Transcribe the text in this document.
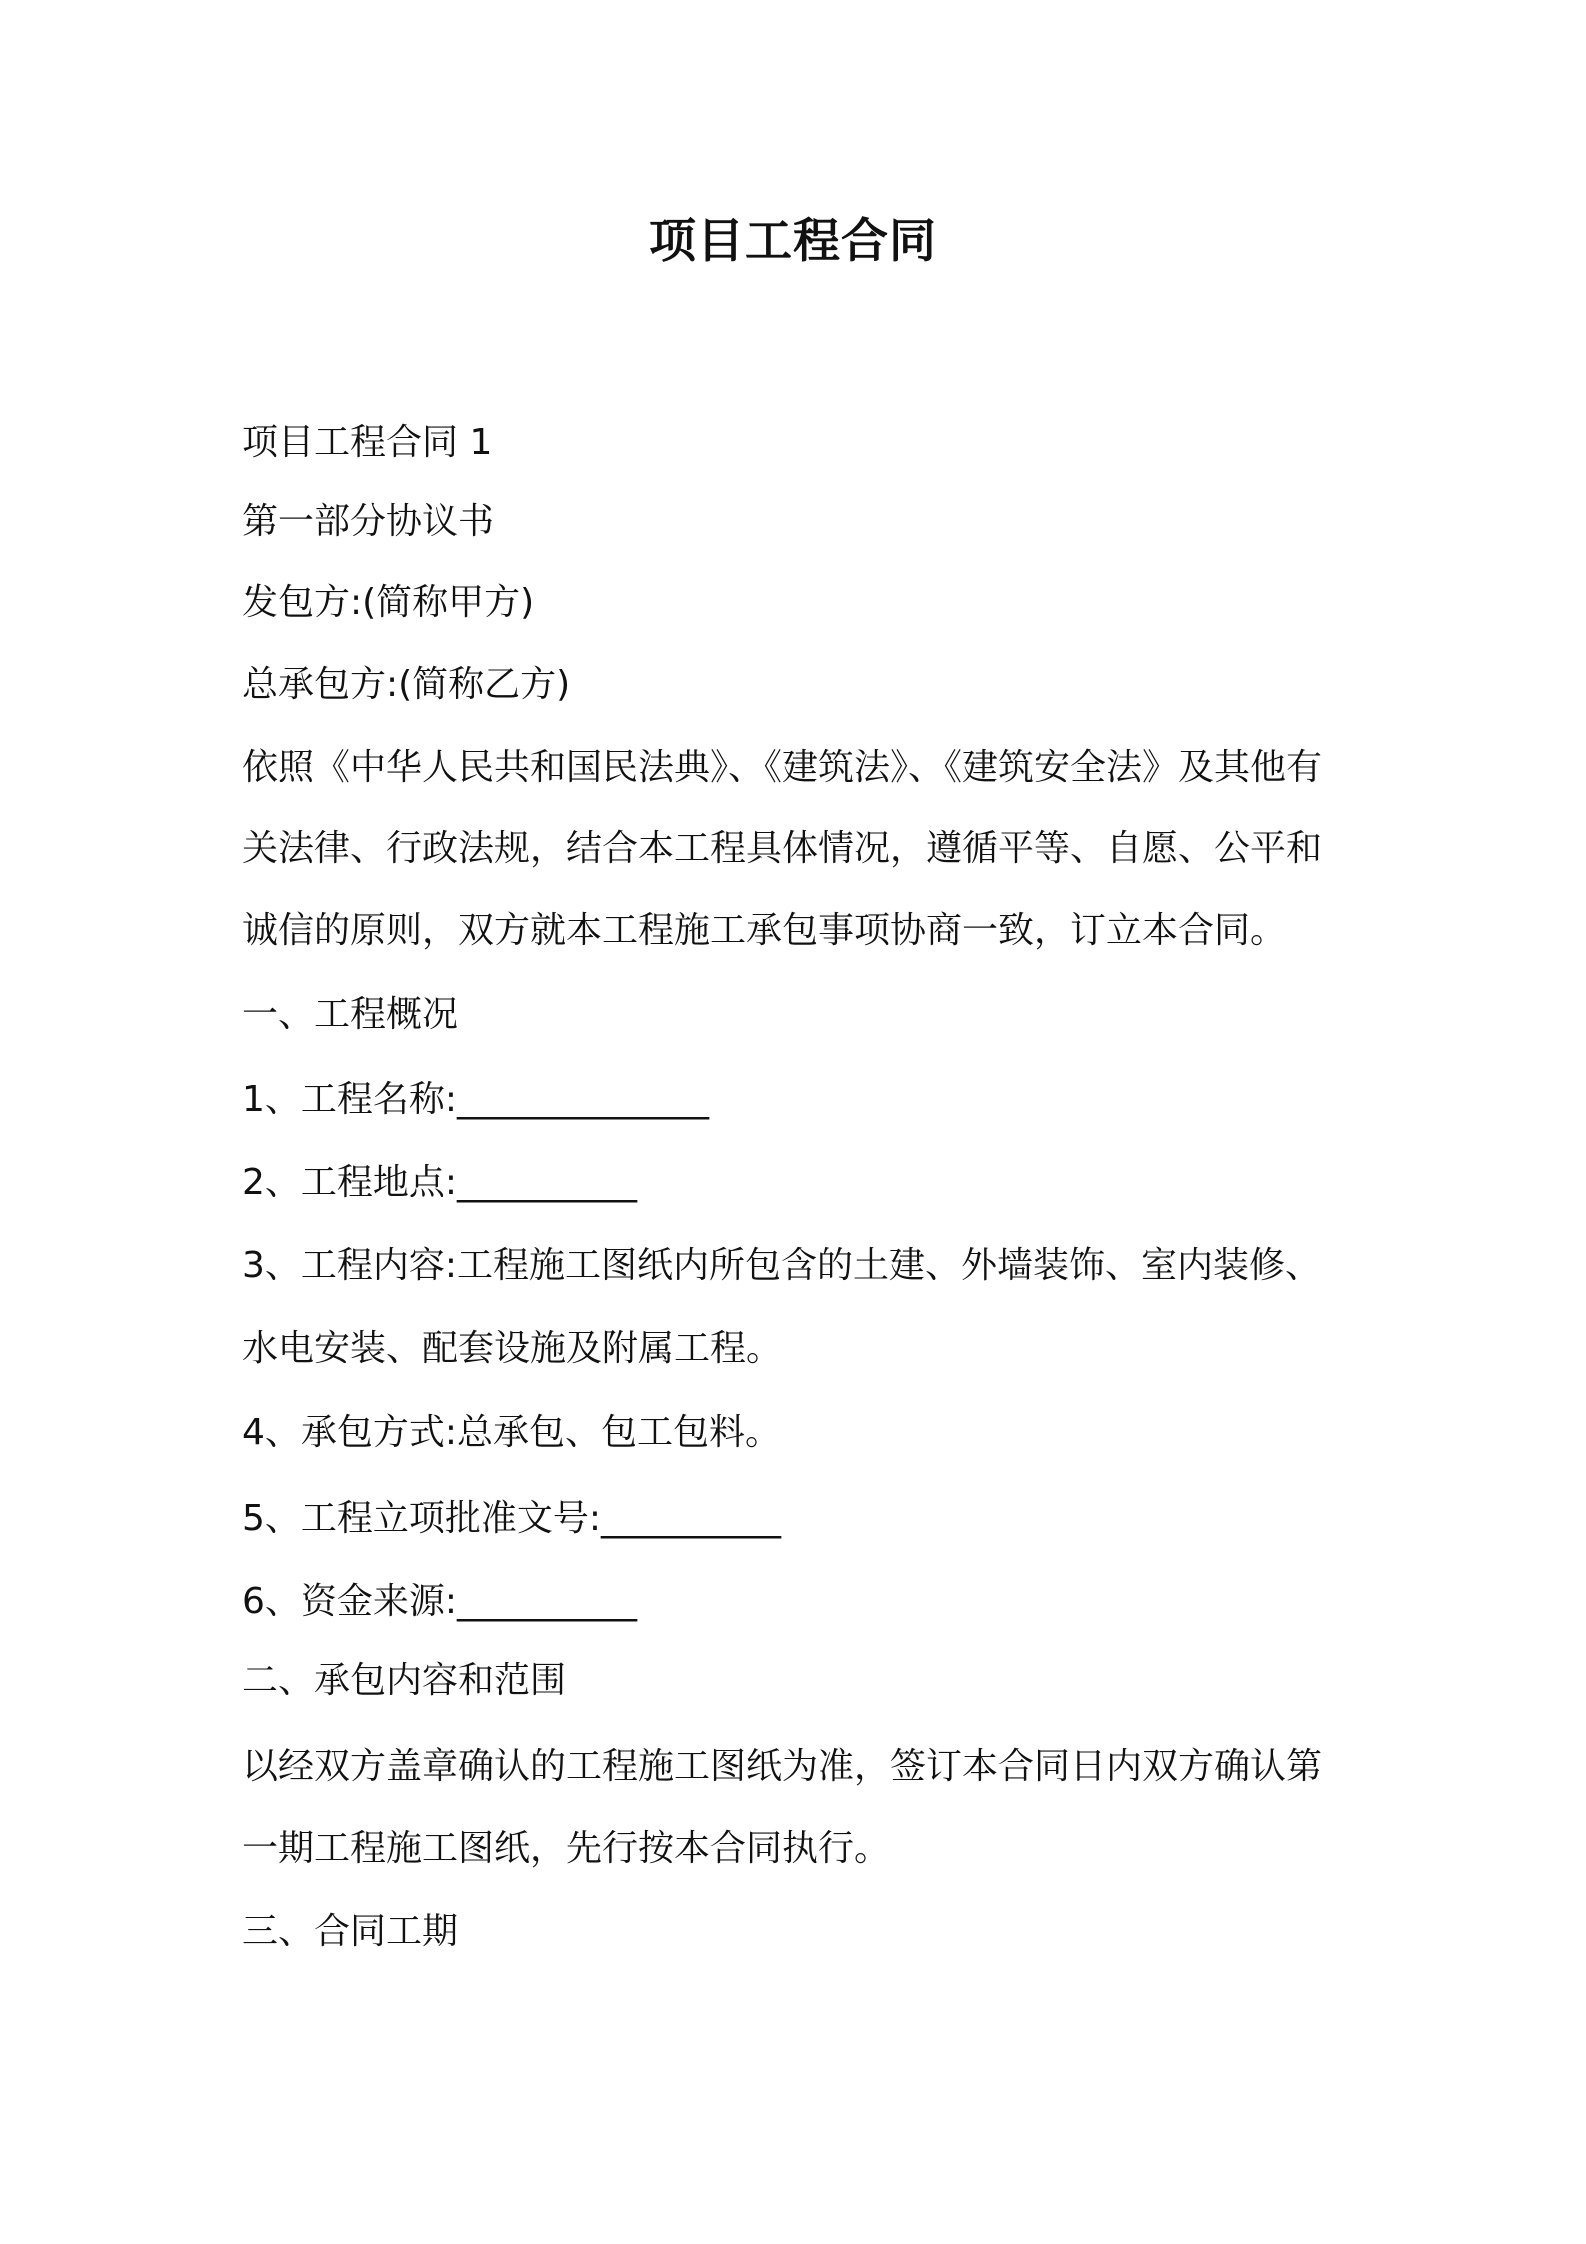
项目工程合同
项目工程合同 1
第一部分协议书
发包方:(简称甲方)
总承包方:(简称乙方)
依照《中华人民共和国民法典》、《建筑法》、《建筑安全法》及其他有
关法律、行政法规，结合本工程具体情况，遵循平等、自愿、公平和
诚信的原则，双方就本工程施工承包事项协商一致，订立本合同。
一、工程概况
1、工程名称:______________
2、工程地点:__________
3、工程内容:工程施工图纸内所包含的土建、外墙装饰、室内装修、
水电安装、配套设施及附属工程。
4、承包方式:总承包、包工包料。
5、工程立项批准文号:__________
6、资金来源:__________
二、承包内容和范围
以经双方盖章确认的工程施工图纸为准，签订本合同日内双方确认第
一期工程施工图纸，先行按本合同执行。
三、合同工期
